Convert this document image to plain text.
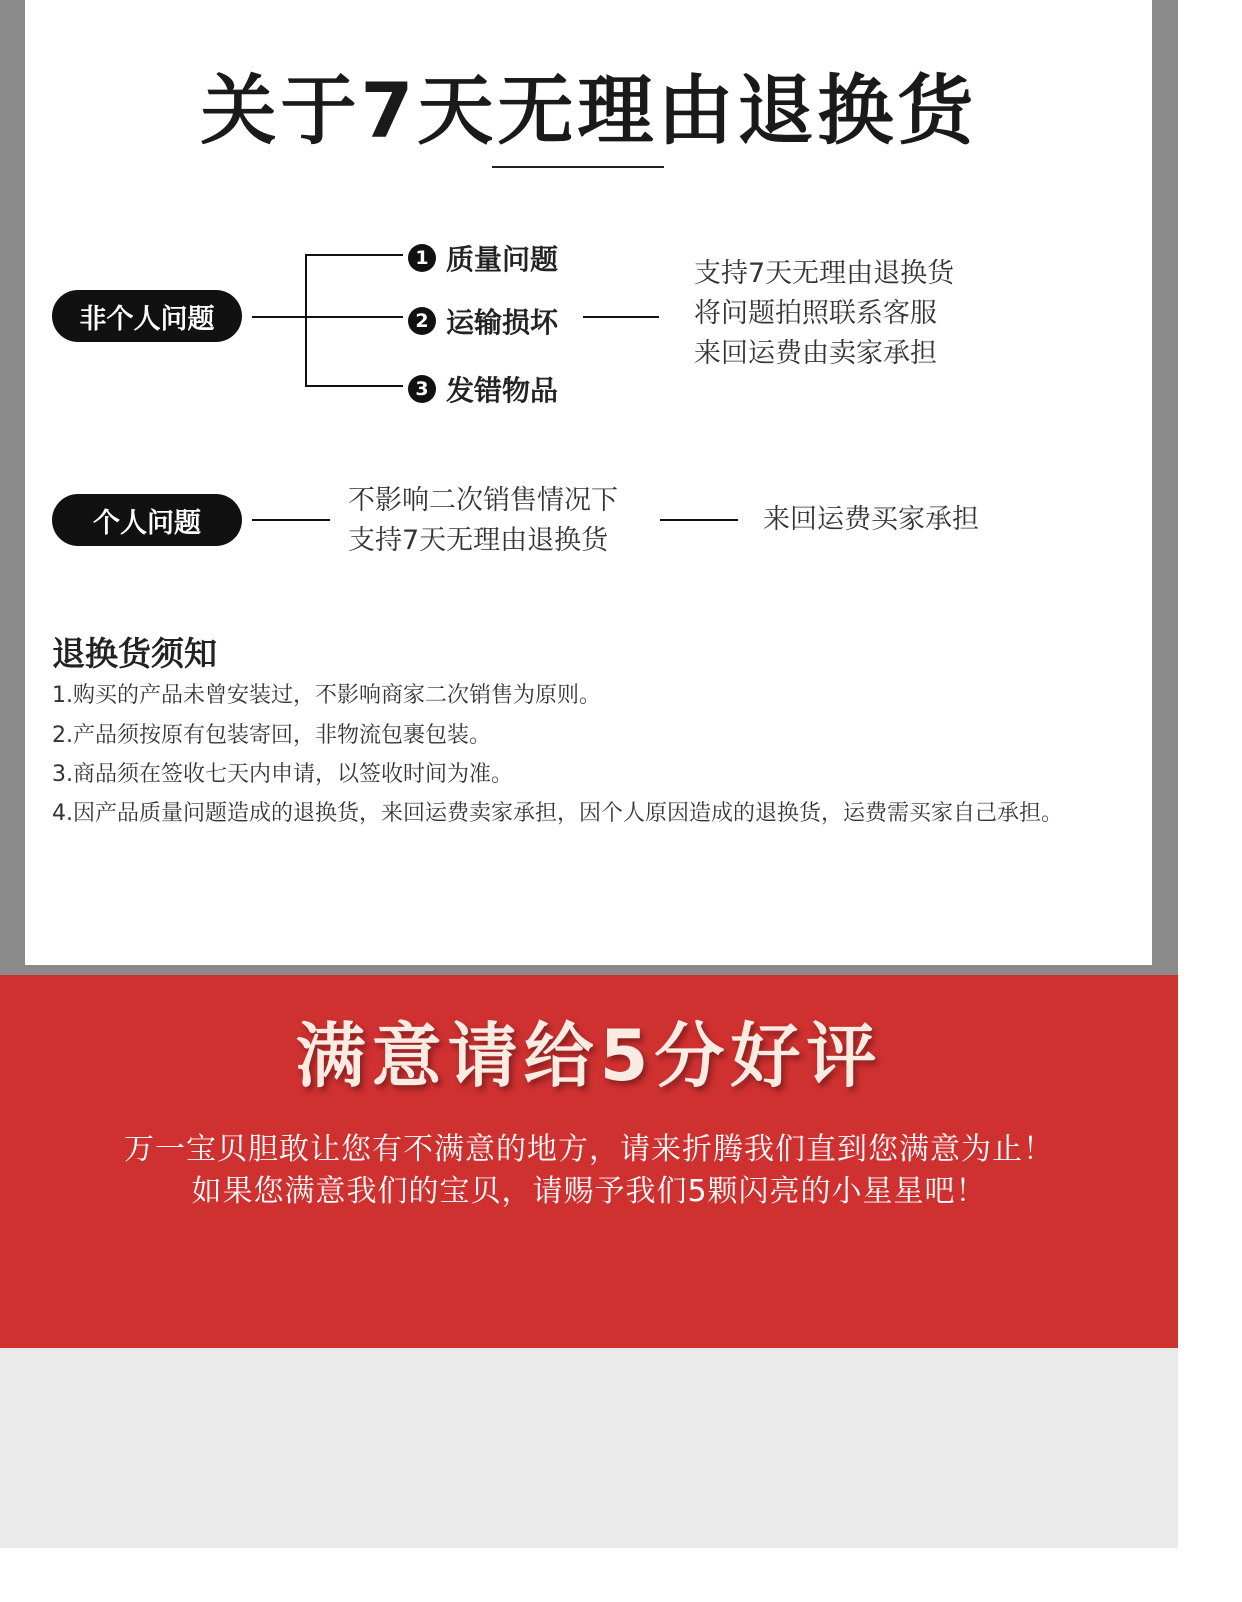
关于7天无理由退换货
非个人问题
1 质量问题
2 运输损坏
3 发错物品
支持7天无理由退换货
将问题拍照联系客服
来回运费由卖家承担
个人问题
不影响二次销售情况下
支持7天无理由退换货
来回运费买家承担
退换货须知
1.购买的产品未曾安装过，不影响商家二次销售为原则。
2.产品须按原有包装寄回，非物流包裹包装。
3.商品须在签收七天内申请，以签收时间为准。
4.因产品质量问题造成的退换货，来回运费卖家承担，因个人原因造成的退换货，运费需买家自己承担。
满意请给5分好评
万一宝贝胆敢让您有不满意的地方，请来折腾我们直到您满意为止！
如果您满意我们的宝贝，请赐予我们5颗闪亮的小星星吧！
